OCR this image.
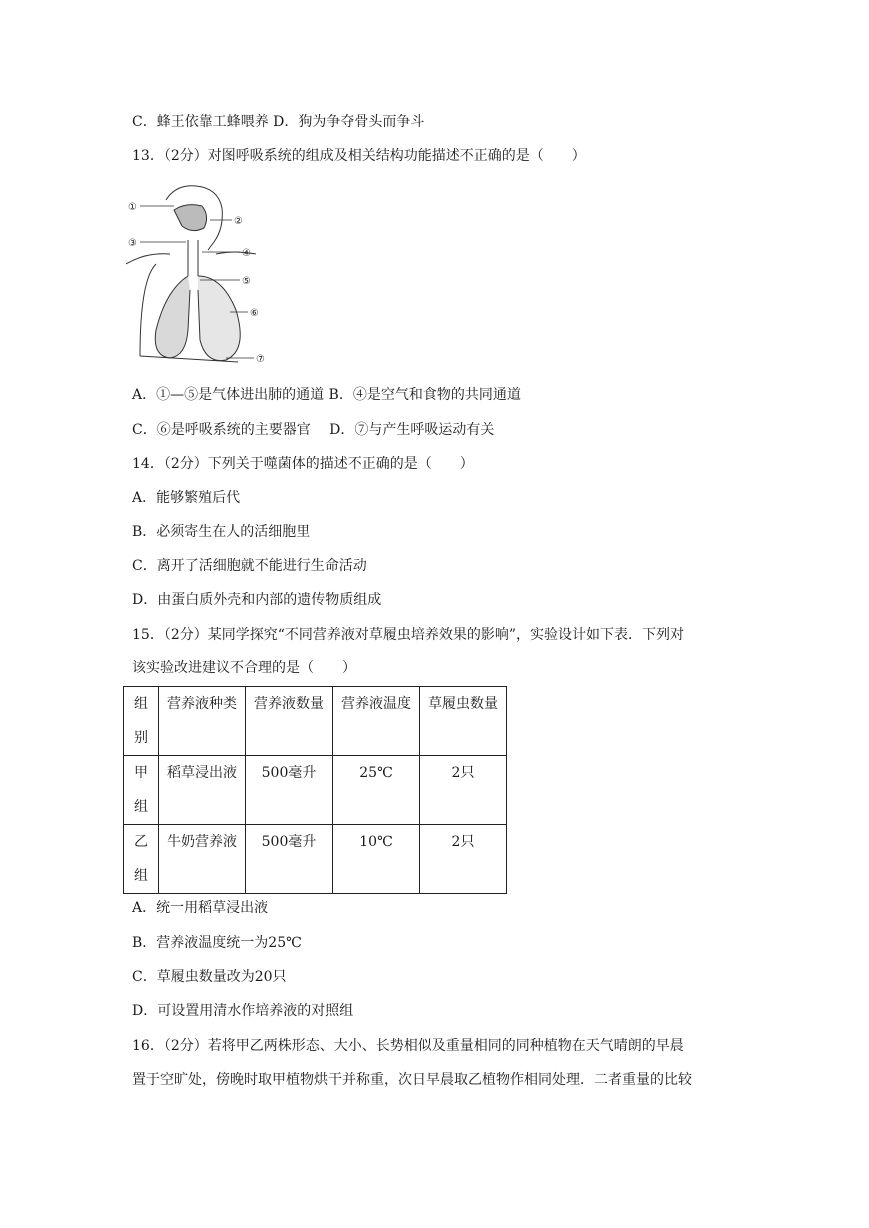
C．蜂王依靠工蜂喂养 D．狗为争夺骨头而争斗
13．（2分）对图呼吸系统的组成及相关结构功能描述不正确的是（　　）
①
②
③
④
⑤
⑥
⑦
A．①—⑤是气体进出肺的通道 B．④是空气和食物的共同通道
C．⑥是呼吸系统的主要器官　 D．⑦与产生呼吸运动有关
14．（2分）下列关于噬菌体的描述不正确的是（　　）
A．能够繁殖后代
B．必须寄生在人的活细胞里
C．离开了活细胞就不能进行生命活动
D．由蛋白质外壳和内部的遗传物质组成
15．（2分）某同学探究“不同营养液对草履虫培养效果的影响”，实验设计如下表．下列对
该实验改进建议不合理的是（　　）
组别	营养液种类	营养液数量	营养液温度	草履虫数量
甲组	稻草浸出液	500毫升	25℃	2只
乙组	牛奶营养液	500毫升	10℃	2只
A．统一用稻草浸出液
B．营养液温度统一为25℃
C．草履虫数量改为20只
D．可设置用清水作培养液的对照组
16．（2分）若将甲乙两株形态、大小、长势相似及重量相同的同种植物在天气晴朗的早晨
置于空旷处，傍晚时取甲植物烘干并称重，次日早晨取乙植物作相同处理．二者重量的比较
